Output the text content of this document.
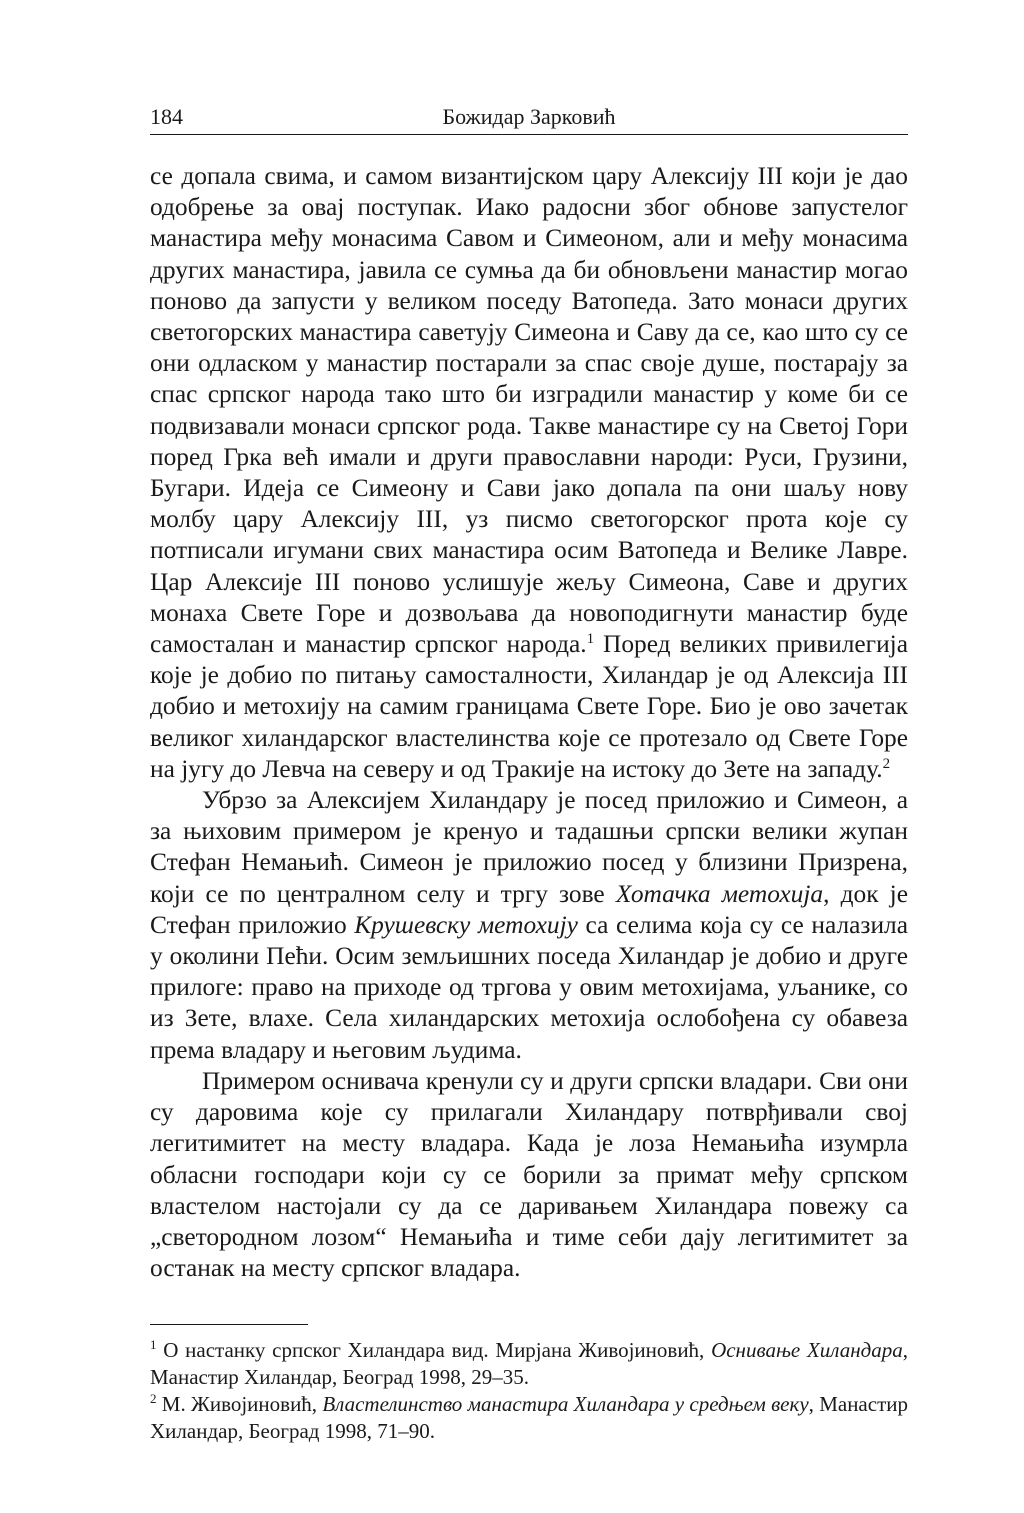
184	Божидар Зарковић

се допала свима, и самом византијском цару Алексију III који је дао одобрење за овај поступак. Иако радосни због обнове запустелог манастира међу монасима Савом и Симеоном, али и међу монасима других манастира, јавила се сумња да би обновљени манастир могао поново да запусти у великом поседу Ватопеда. Зато монаси других светогорских манастира саветују Симеона и Саву да се, као што су се они одласком у манастир постарали за спас своје душе, постарају за спас српског народа тако што би изградили манастир у коме би се подвизавали монаси српског рода. Такве манастире су на Светој Гори поред Грка већ имали и други православни народи: Руси, Грузини, Бугари. Идеја се Симеону и Сави јако допала па они шаљу нову молбу цару Алексију III, уз писмо светогорског прота које су потписали игумани свих манастира осим Ватопеда и Велике Лавре. Цар Алексије III поново услишује жељу Симеона, Саве и других монаха Свете Горе и дозвољава да новоподигнути манастир буде самосталан и манастир српског народа.$^1$ Поред великих привилегија које је добио по питању самосталности, Хиландар је од Алексија III добио и метохију на самим границама Свете Горе. Био је ово зачетак великог хиландарског властелинства које се протезало од Свете Горе на југу до Левча на северу и од Тракије на истоку до Зете на западу.$^2$

Убрзо за Алексијем Хиландару је посед приложио и Симеон, а за њиховим примером је кренуо и тадашњи српски велики жупан Стефан Немањић. Симеон је приложио посед у близини Призрена, који се по централном селу и тргу зове Хотачка метохија, док је Стефан приложио Крушевску метохију са селима која су се налазила у околини Пећи. Осим земљишних поседа Хиландар је добио и друге прилоге: право на приходе од трговa у овим метохијама, уљанике, со из Зете, влахе. Села хиландарских метохија ослобођена су обавеза према владару и његовим људима.

Примером оснивача кренули су и други српски владари. Сви они су даровима које су прилагали Хиландару потврђивали свој легитимитет на месту владара. Када је лоза Немањића изумрла обласни господари који су се борили за примат међу српском властелом настојали су да се даривањем Хиландара повежу са „светородном лозом“ Немањића и тиме себи дају легитимитет за останак на месту српског владара.

$^1$ О настанку српског Хиландара вид. Мирјана Живојиновић, Оснивање Хиландара, Манастир Хиландар, Београд 1998, 29–35.

$^2$ М. Живојиновић, Властелинство манастира Хиландара у средњем веку, Манастир Хиландар, Београд 1998, 71–90.
